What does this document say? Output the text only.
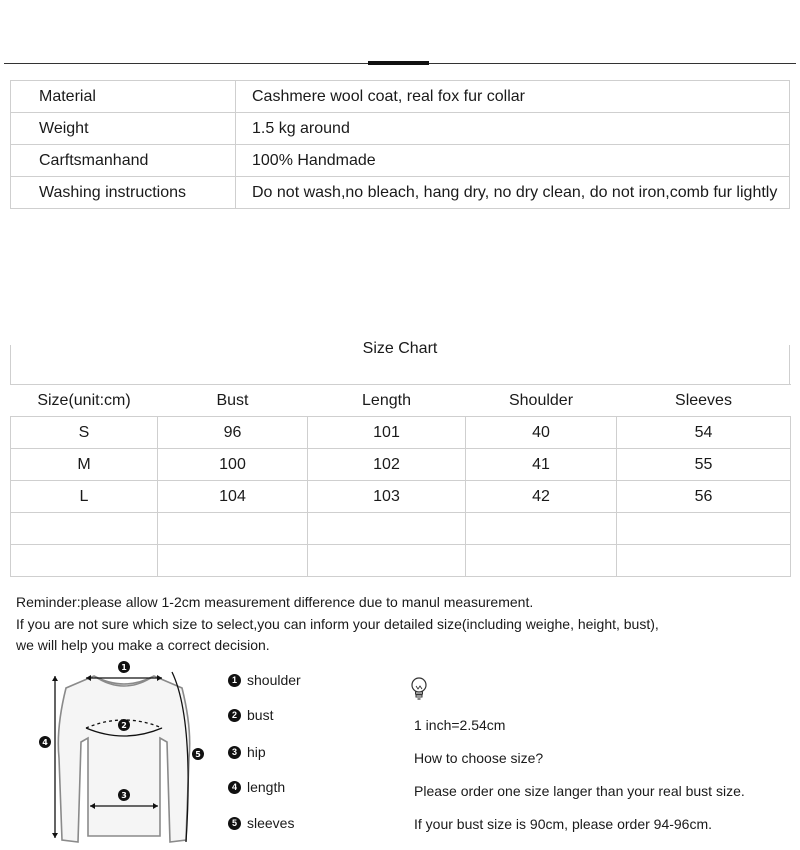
Material	Cashmere wool coat, real fox fur collar
Weight	1.5 kg around
Carftsmanhand	100% Handmade
Washing instructions	Do not wash,no bleach, hang dry, no dry clean, do not iron,comb fur lightly
Size Chart
Size(unit:cm)	Bust	Length	Shoulder	Sleeves
S	96	101	40	54
M	100	102	41	55
L	104	103	42	56

Reminder:please allow 1-2cm measurement difference due to manul measurement.
If you are not sure which size to select,you can inform your detailed size(including weighe, height, bust),
we will help you make a correct decision.
1
2
3
4
5
1 shoulder
2 bust
3 hip
4 length
5 sleeves
1 inch=2.54cm
How to choose size?
Please order one size langer than your real bust size.
If your bust size is 90cm, please order 94-96cm.
